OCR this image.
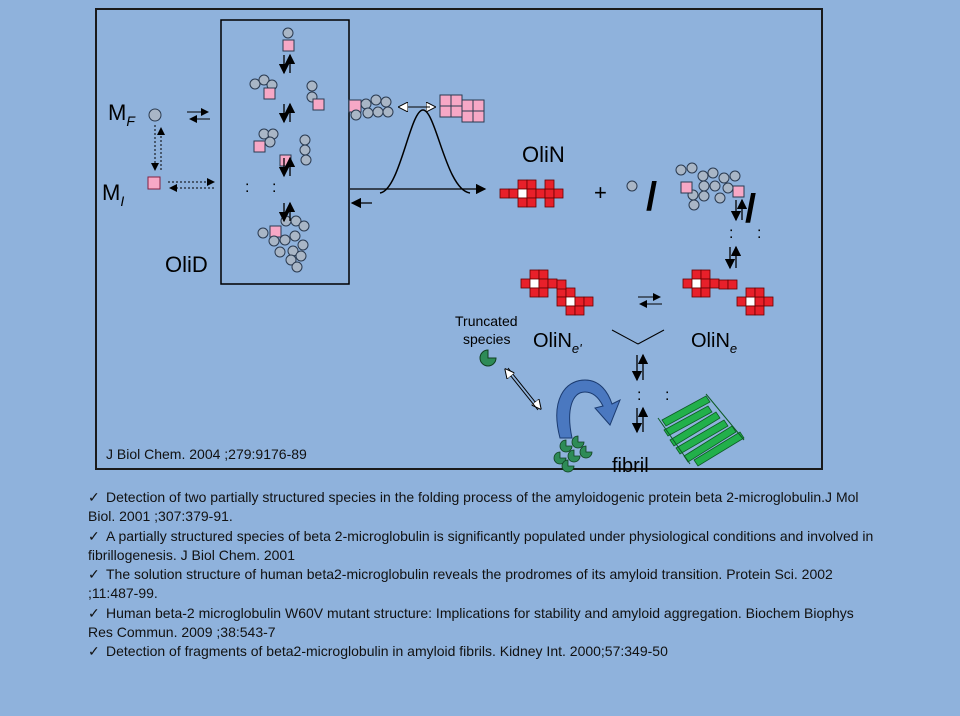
$M_F$
$M_I$
OliD
: :
OliN
+ / /
: :
Truncated
species OliN$_{e'}$	OliN$_e$
: :
fibril
J Biol Chem. 2004 ;279:9176-89

✓ Detection of two partially structured species in the folding process of the amyloidogenic protein beta 2-microglobulin.J Mol Biol. 2001 ;307:379-91.

✓ A partially structured species of beta 2-microglobulin is significantly populated under physiological conditions and involved in fibrillogenesis. J Biol Chem. 2001

✓ The solution structure of human beta2-microglobulin reveals the prodromes of its amyloid transition. Protein Sci. 2002 ;11:487-99.

✓ Human beta-2 microglobulin W60V mutant structure: Implications for stability and amyloid aggregation. Biochem Biophys Res Commun. 2009 ;38:543-7

✓ Detection of fragments of beta2-microglobulin in amyloid fibrils. Kidney Int. 2000;57:349-50
